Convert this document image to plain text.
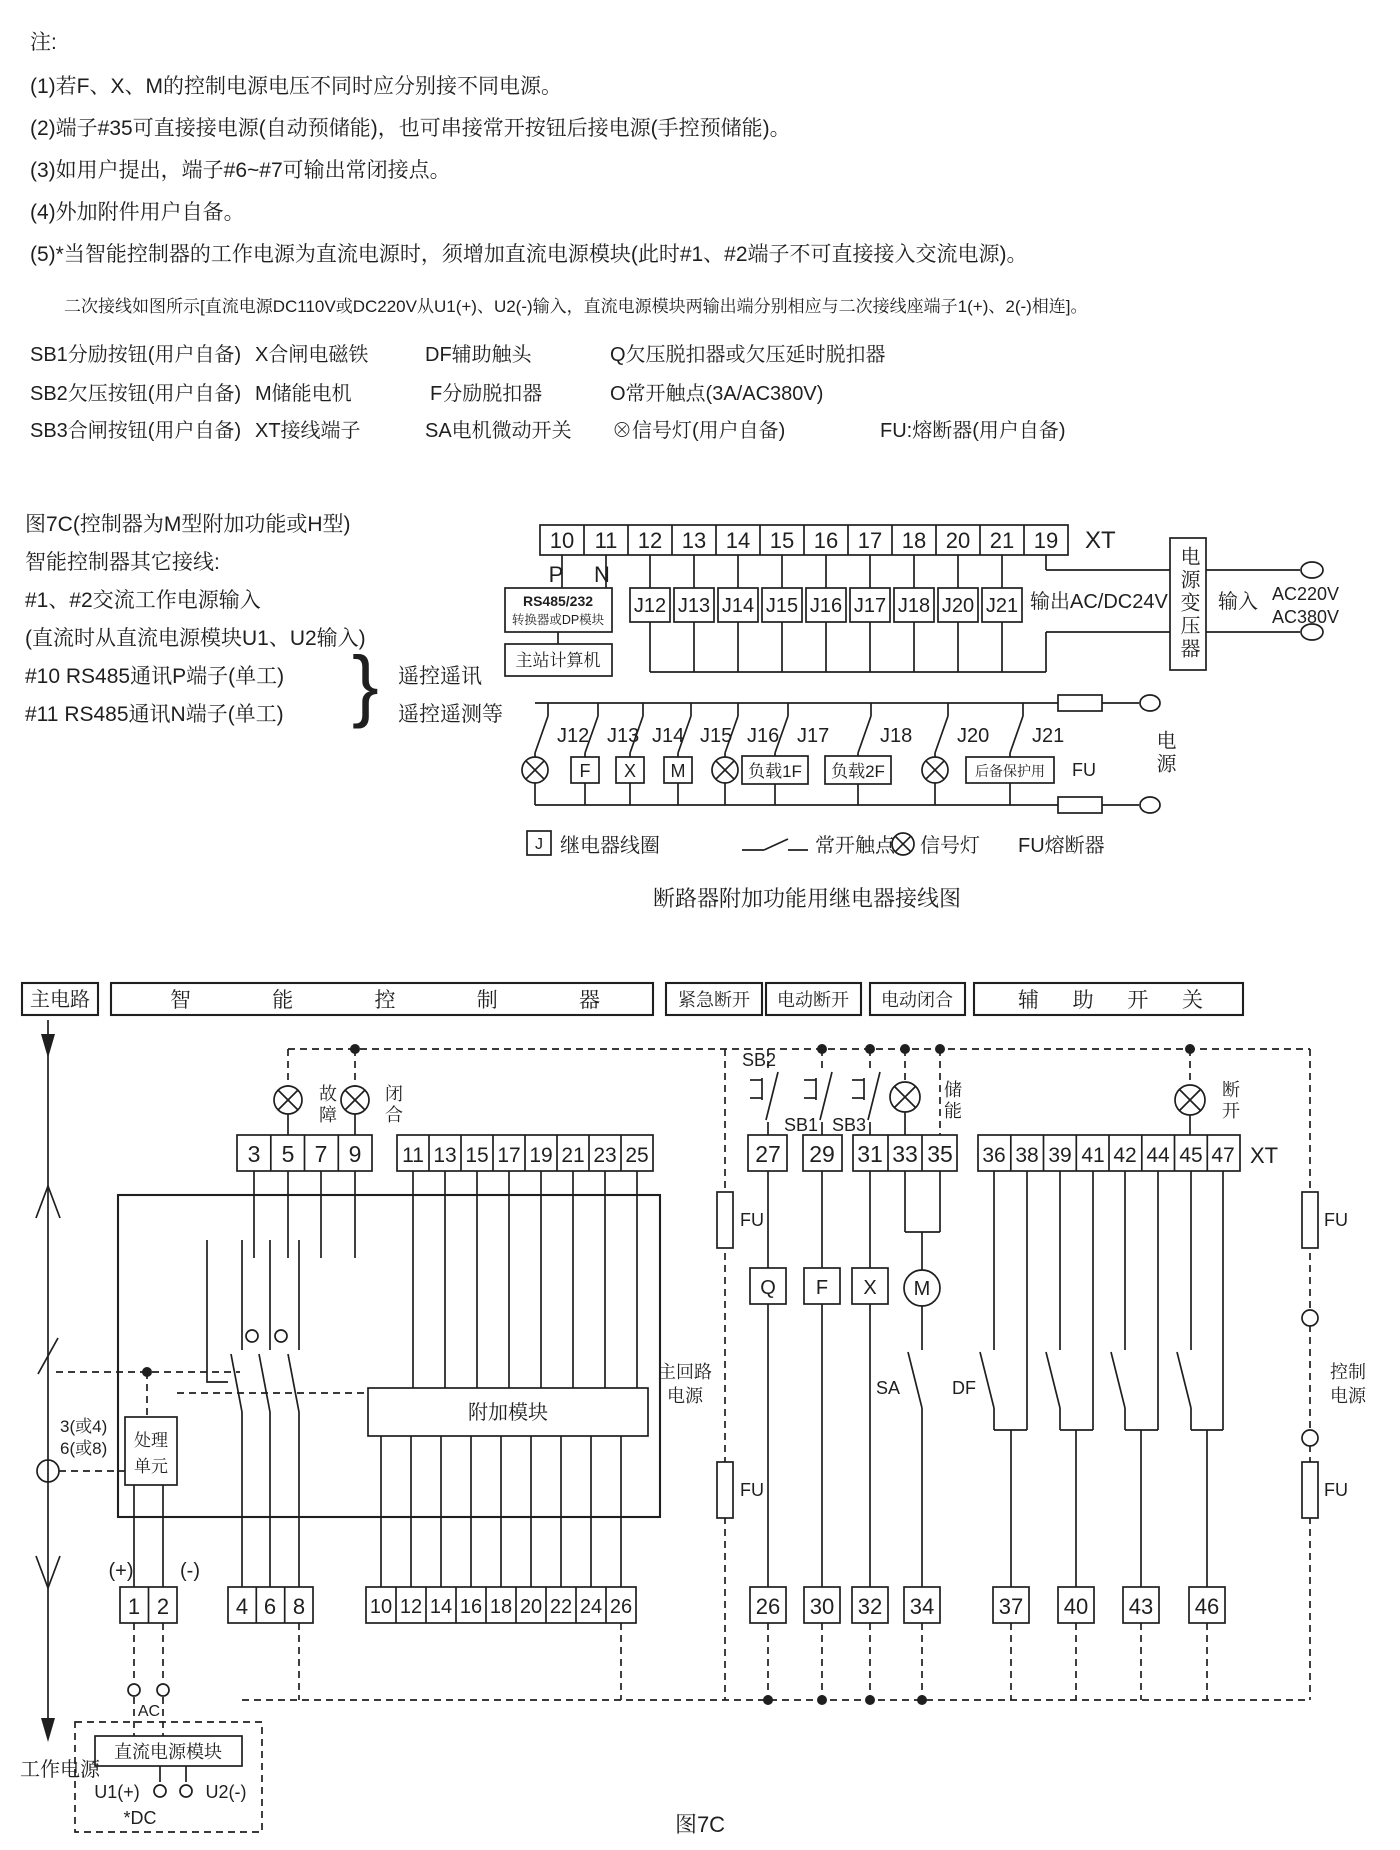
注:
(1)若F、X、M的控制电源电压不同时应分别接不同电源。
(2)端子#35可直接接电源(自动预储能)，也可串接常开按钮后接电源(手控预储能)。
(3)如用户提出，端子#6~#7可输出常闭接点。
(4)外加附件用户自备。
(5)*当智能控制器的工作电源为直流电源时，须增加直流电源模块(此时#1、#2端子不可直接接入交流电源)。
二次接线如图所示[直流电源DC110V或DC220V从U1(+)、U2(-)输入，直流电源模块两输出端分别相应与二次接线座端子1(+)、2(-)相连]。
SB1分励按钮(用户自备) X合闸电磁铁	DF辅助触头	Q欠压脱扣器或欠压延时脱扣器
SB2欠压按钮(用户自备) M储能电机	F分励脱扣器	O常开触点(3A/AC380V)
SB3合闸按钮(用户自备) XT接线端子	SA电机微动开关 ⊗信号灯(用户自备)	FU:熔断器(用户自备)
图7C(控制器为M型附加功能或H型)
智能控制器其它接线:
#1、#2交流工作电源输入
(直流时从直流电源模块U1、U2输入)
#10 RS485通讯P端子(单工)
#11 RS485通讯N端子(单工) } 遥控遥讯
遥控遥测等
10 11 12 13 14 15 16 17 18 20 21 19 XT
P N
RS485/232
转换器或DP模块
主站计算机
J12 J13 J14 J15 J16 J17 J18 J20 J21 输出AC/DC24V 电源变压器 输入 AC220V
AC380V
J12 J13 J14 J15 J16 J17	J18 J20 J21
F X M	负载1F 负载2F	后备保护用 FU	电源
J 继电器线圈	常开触点 信号灯 FU熔断器
断路器附加功能用继电器接线图
主电路	智能控制器	紧急断开 电动断开 电动闭合	辅助开关
工作电源
故障	闭合	储能	断开
SB2
SB1 SB3
3 5 7 9 11 13 15 17 19 21 23 25	27 29 31 33 35 36 38 39 41 42 44 45 47 XT
附加模块
处理
单元
3(或4)
6(或8)
FU
FU
主回路
电源
FU
控制
电源
FU
Q F X M
SA	DF
1 2
(+) (-)
4 6 8	10 12 14 16 18 20 22 24 26	26 30 32 34	37 40 43 46
AC
直流电源模块
U1(+)	U2(-)
*DC	图7C
